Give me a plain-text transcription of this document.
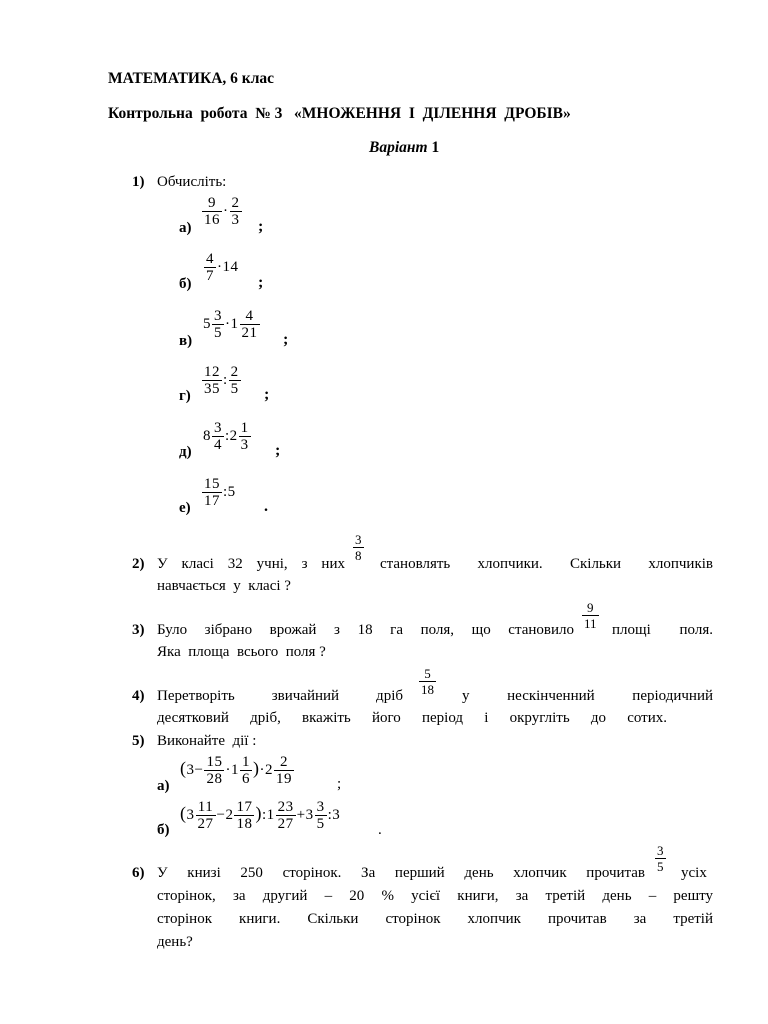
МАТЕМАТИКА, 6 клас
Контрольна  робота  № 3   «МНОЖЕННЯ  І  ДІЛЕННЯ  ДРОБІВ»
Варіант 1
1) Обчисліть:
$а) \frac{9}{16} \cdot \frac{2}{3}$ ;
$б) \frac{4}{7} \cdot 14$
;
в)
$5 \frac{3}{5} \cdot 1 \frac{4}{21}$ ;
$г) \frac{12}{35}$ : $\frac{2}{5}$ ;
д)
$8 \frac{3}{4}$ :2 $\frac{1}{3}$ ;
$е) \frac{15}{17}$ :5
.
2) У класі 32 учні, з них
3
8
становлять хлопчики. Скільки хлопчиків
навчається  у  класі ?
3) Було зібрано врожай з 18 га поля, що становило
9
11 площі поля.
Яка  площа  всього  поля ?
4) Перетворіть звичайний дріб
5
18 у нескінченний періодичний
десятковий дріб, вкажіть його період і округліть до сотих.
5) Виконайте  дії :
а)
$(3- \frac{15}{28} \cdot 1 \frac{1}{6} )\cdot 2 \frac{2}{19}$	;
б)
($3 \frac{11}{27} -2 \frac{17}{18}$ ):1 $\frac{23}{27} +3 \frac{3}{5}$ :3
.
6) У книзі 250 сторінок. За перший день хлопчик прочитав
3
5 усіх
сторінок, за другий – 20 % усієї книги, за третій день – решту
сторінок книги. Скільки сторінок хлопчик прочитав за третій
день?
